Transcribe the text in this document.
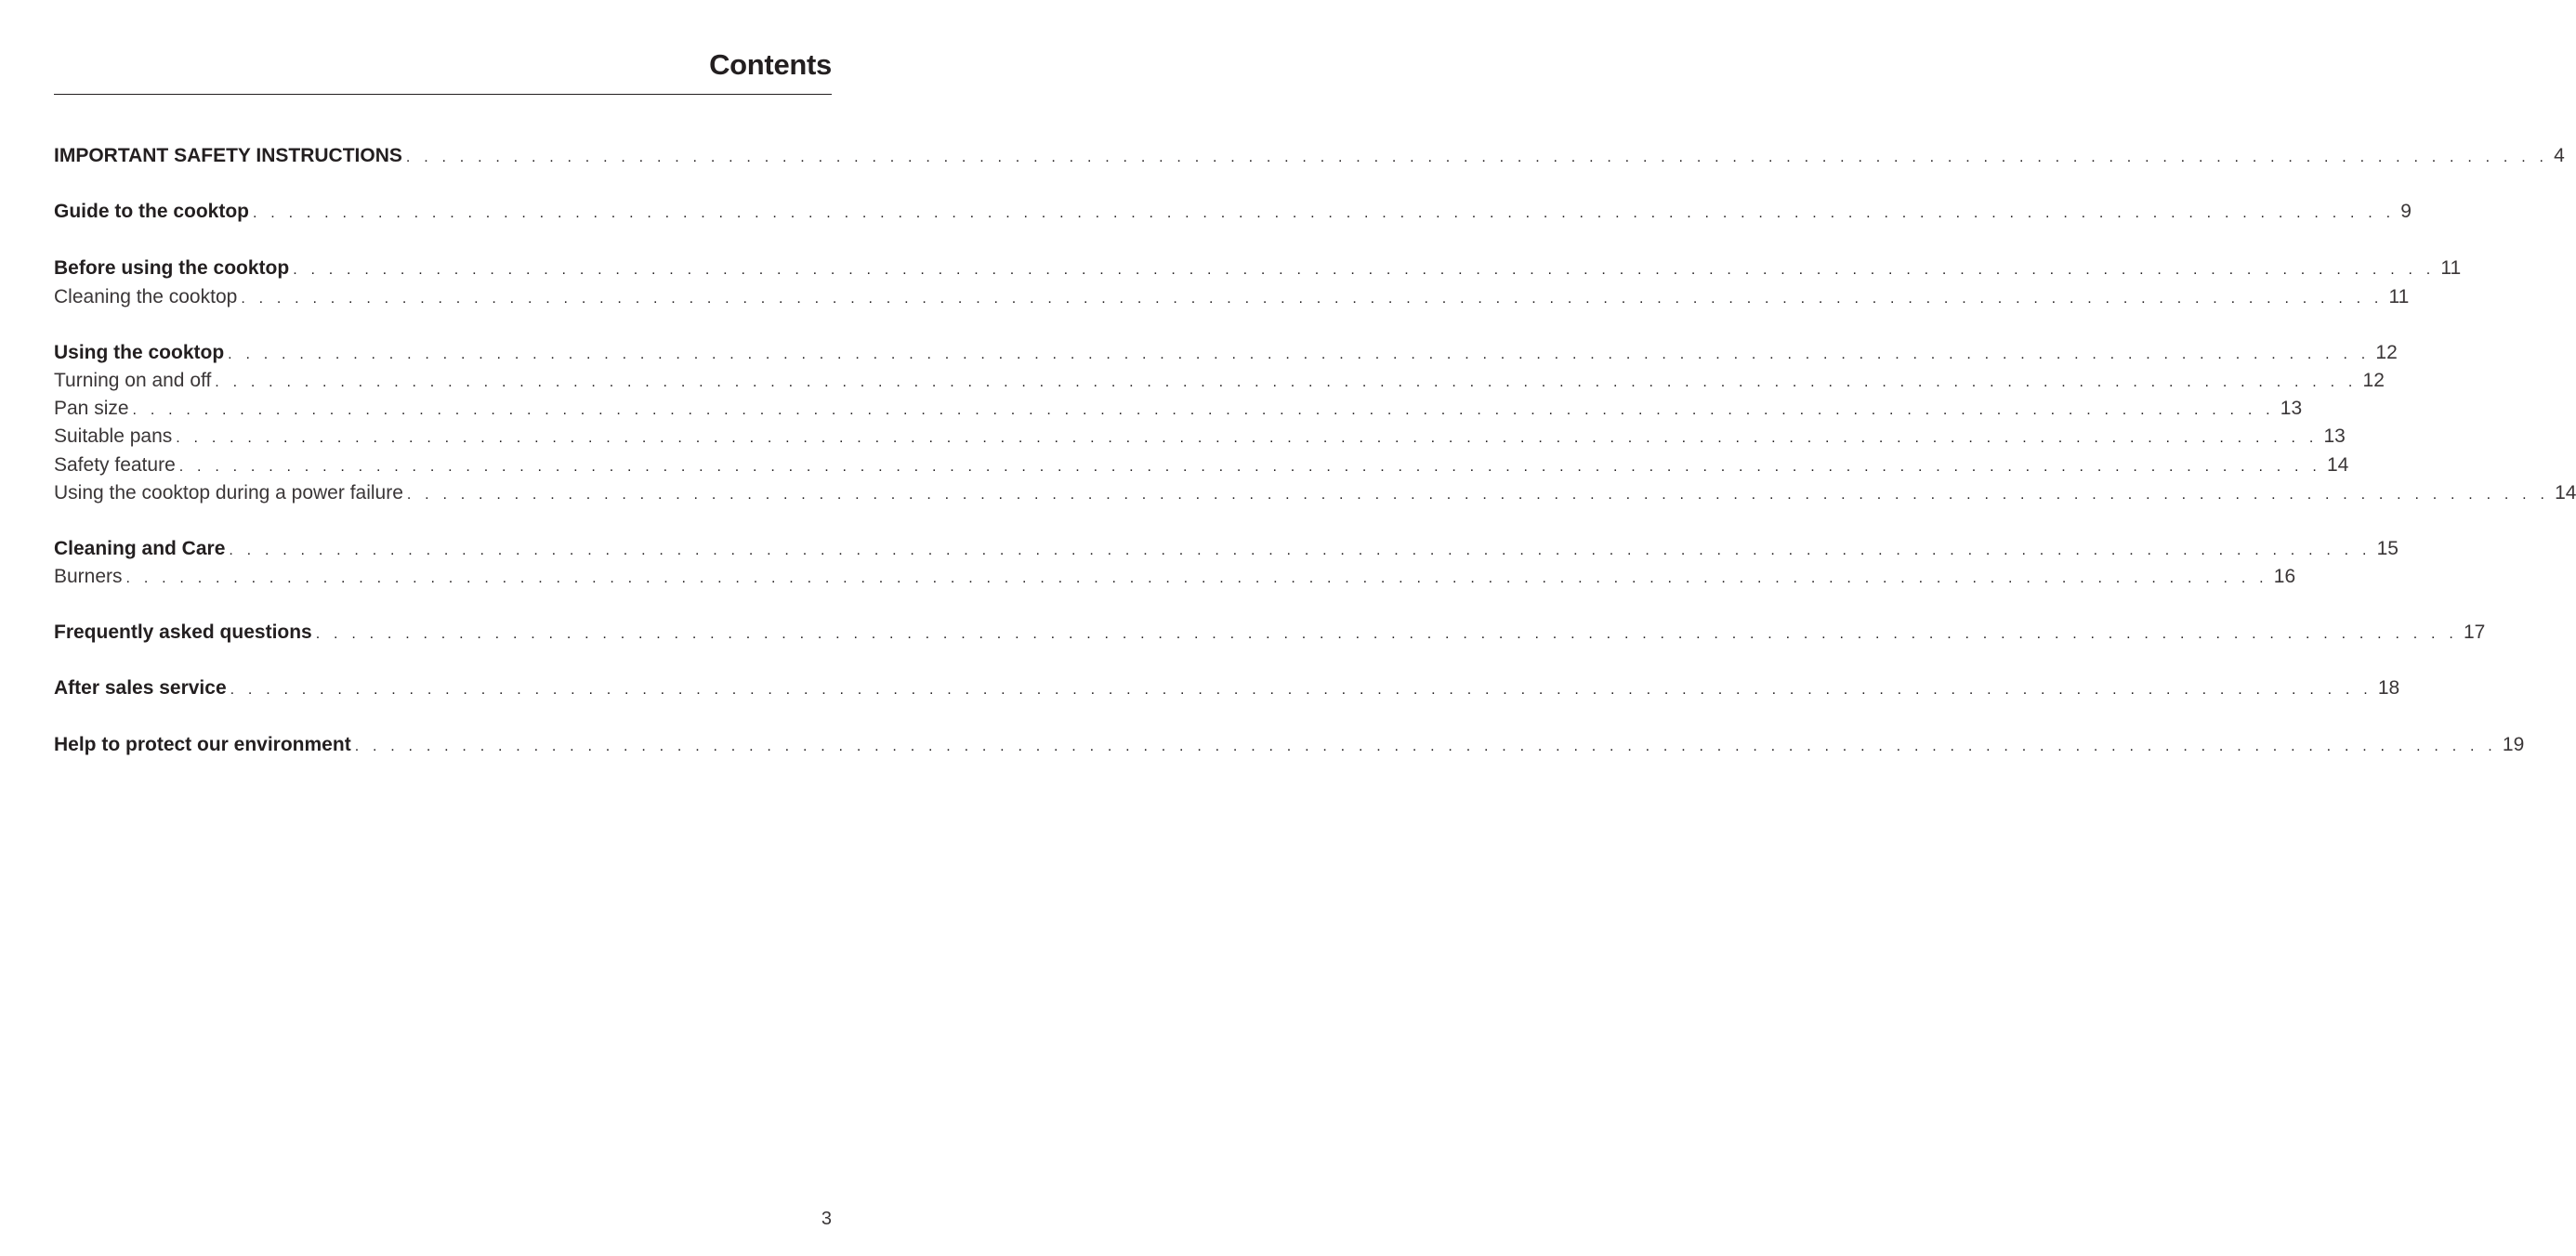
Contents
IMPORTANT SAFETY INSTRUCTIONS . . . . . . . . . . . . . . . . . . . . . . . . . . . . . . . . . . . . . . . . . . . . . . . . . . . . . . . . . . . . . . . . . . . . . . . . . . . . . . . . . . . . . . . . . . . . . . . . . . . . . . . . . . . . . . . . . . . . . . . . 4
Guide to the cooktop . . . . . . . . . . . . . . . . . . . . . . . . . . . . . . . . . . . . . . . . . . . . . . . . . . . . . . . . . . . . . . . . . . . . . . . . . . . . . . . . . . . . . . . . . . . . . . . . . . . . . . . . . . . . . . . . . . . . . . . . 9
Before using the cooktop . . . . . . . . . . . . . . . . . . . . . . . . . . . . . . . . . . . . . . . . . . . . . . . . . . . . . . . . . . . . . . . . . . . . . . . . . . . . . . . . . . . . . . . . . . . . . . . . . . . . . . . . . . . . . . . . . . . . . . . . 11
Cleaning the cooktop . . . . . . . . . . . . . . . . . . . . . . . . . . . . . . . . . . . . . . . . . . . . . . . . . . . . . . . . . . . . . . . . . . . . . . . . . . . . . . . . . . . . . . . . . . . . . . . . . . . . . . . . . . . . . . . . . . . . . . . . 11
Using the cooktop . . . . . . . . . . . . . . . . . . . . . . . . . . . . . . . . . . . . . . . . . . . . . . . . . . . . . . . . . . . . . . . . . . . . . . . . . . . . . . . . . . . . . . . . . . . . . . . . . . . . . . . . . . . . . . . . . . . . . . . . 12
Turning on and off . . . . . . . . . . . . . . . . . . . . . . . . . . . . . . . . . . . . . . . . . . . . . . . . . . . . . . . . . . . . . . . . . . . . . . . . . . . . . . . . . . . . . . . . . . . . . . . . . . . . . . . . . . . . . . . . . . . . . . . . 12
Pan size . . . . . . . . . . . . . . . . . . . . . . . . . . . . . . . . . . . . . . . . . . . . . . . . . . . . . . . . . . . . . . . . . . . . . . . . . . . . . . . . . . . . . . . . . . . . . . . . . . . . . . . . . . . . . . . . . . . . . . . . 13
Suitable pans . . . . . . . . . . . . . . . . . . . . . . . . . . . . . . . . . . . . . . . . . . . . . . . . . . . . . . . . . . . . . . . . . . . . . . . . . . . . . . . . . . . . . . . . . . . . . . . . . . . . . . . . . . . . . . . . . . . . . . . . 13
Safety feature . . . . . . . . . . . . . . . . . . . . . . . . . . . . . . . . . . . . . . . . . . . . . . . . . . . . . . . . . . . . . . . . . . . . . . . . . . . . . . . . . . . . . . . . . . . . . . . . . . . . . . . . . . . . . . . . . . . . . . . . 14
Using the cooktop during a power failure . . . . . . . . . . . . . . . . . . . . . . . . . . . . . . . . . . . . . . . . . . . . . . . . . . . . . . . . . . . . . . . . . . . . . . . . . . . . . . . . . . . . . . . . . . . . . . . . . . . . . . . . . . . . . . . . . . . . . . . . 14
Cleaning and Care . . . . . . . . . . . . . . . . . . . . . . . . . . . . . . . . . . . . . . . . . . . . . . . . . . . . . . . . . . . . . . . . . . . . . . . . . . . . . . . . . . . . . . . . . . . . . . . . . . . . . . . . . . . . . . . . . . . . . . . . 15
Burners . . . . . . . . . . . . . . . . . . . . . . . . . . . . . . . . . . . . . . . . . . . . . . . . . . . . . . . . . . . . . . . . . . . . . . . . . . . . . . . . . . . . . . . . . . . . . . . . . . . . . . . . . . . . . . . . . . . . . . . . 16
Frequently asked questions . . . . . . . . . . . . . . . . . . . . . . . . . . . . . . . . . . . . . . . . . . . . . . . . . . . . . . . . . . . . . . . . . . . . . . . . . . . . . . . . . . . . . . . . . . . . . . . . . . . . . . . . . . . . . . . . . . . . . . . . 17
After sales service . . . . . . . . . . . . . . . . . . . . . . . . . . . . . . . . . . . . . . . . . . . . . . . . . . . . . . . . . . . . . . . . . . . . . . . . . . . . . . . . . . . . . . . . . . . . . . . . . . . . . . . . . . . . . . . . . . . . . . . . 18
Help to protect our environment . . . . . . . . . . . . . . . . . . . . . . . . . . . . . . . . . . . . . . . . . . . . . . . . . . . . . . . . . . . . . . . . . . . . . . . . . . . . . . . . . . . . . . . . . . . . . . . . . . . . . . . . . . . . . . . . . . . . . . . . 19
3
